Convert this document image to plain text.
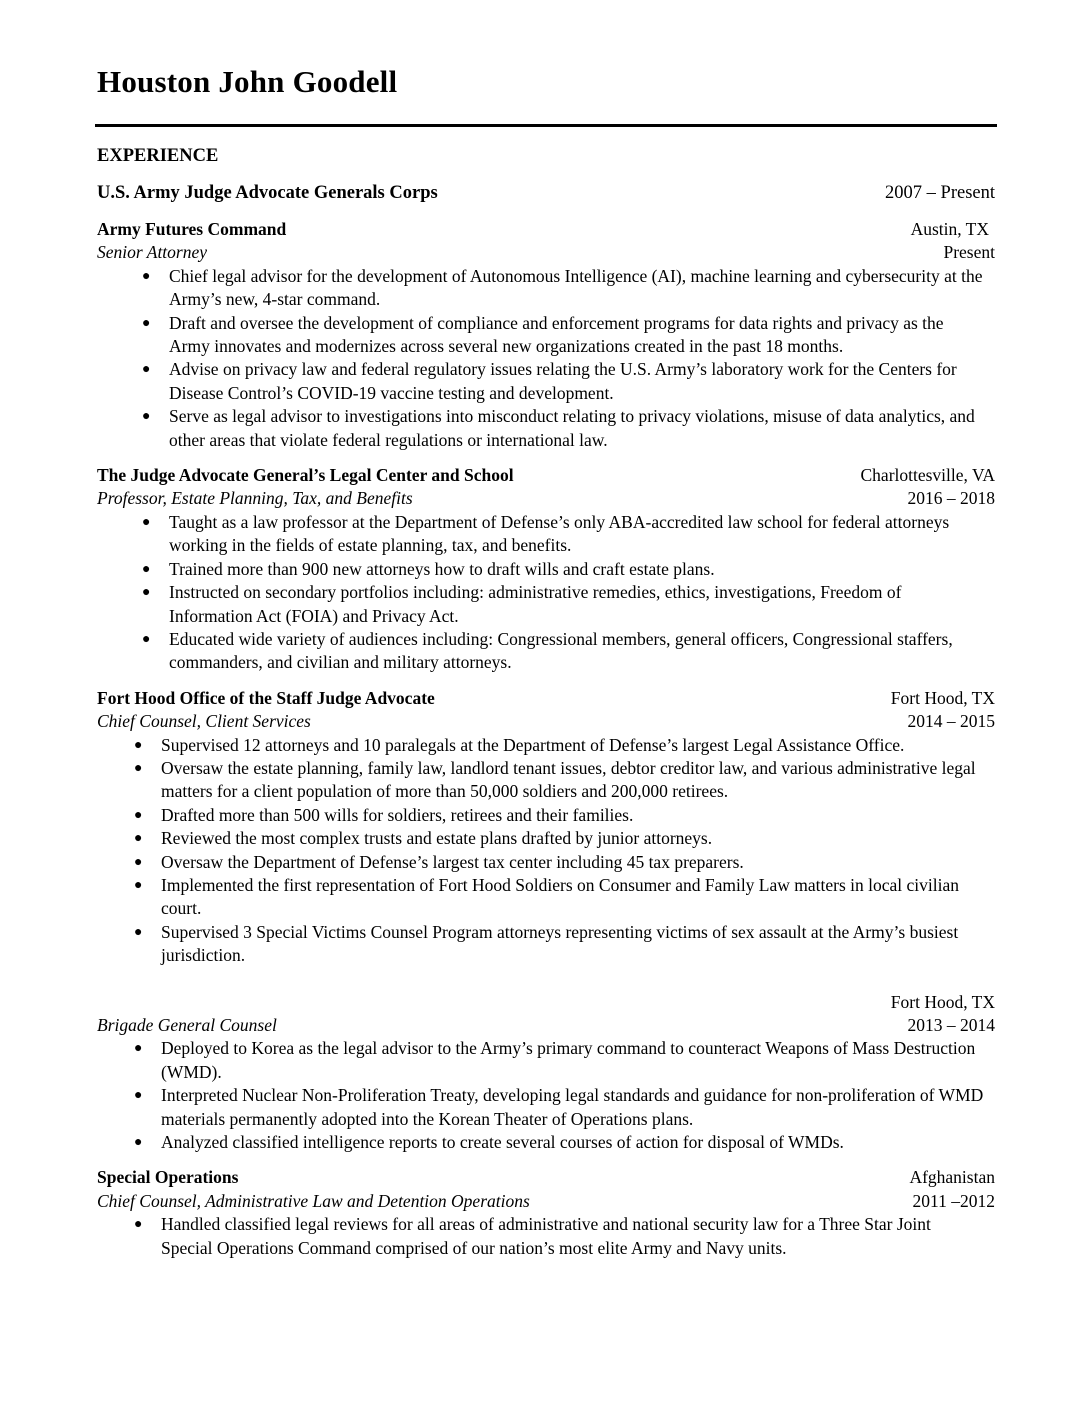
Houston John Goodell
EXPERIENCE
U.S. Army Judge Advocate Generals Corps	2007 – Present
Army Futures Command	Austin, TX
Senior Attorney	Present
● Chief legal advisor for the development of Autonomous Intelligence (AI), machine learning and cybersecurity at the Army’s new, 4-star command.
● Draft and oversee the development of compliance and enforcement programs for data rights and privacy as the Army innovates and modernizes across several new organizations created in the past 18 months.
● Advise on privacy law and federal regulatory issues relating the U.S. Army’s laboratory work for the Centers for Disease Control’s COVID-19 vaccine testing and development.
● Serve as legal advisor to investigations into misconduct relating to privacy violations, misuse of data analytics, and other areas that violate federal regulations or international law.
The Judge Advocate General’s Legal Center and School	Charlottesville, VA
Professor, Estate Planning, Tax, and Benefits	2016 – 2018
● Taught as a law professor at the Department of Defense’s only ABA-accredited law school for federal attorneys working in the fields of estate planning, tax, and benefits.
● Trained more than 900 new attorneys how to draft wills and craft estate plans.
● Instructed on secondary portfolios including: administrative remedies, ethics, investigations, Freedom of Information Act (FOIA) and Privacy Act.
● Educated wide variety of audiences including: Congressional members, general officers, Congressional staffers, commanders, and civilian and military attorneys.
Fort Hood Office of the Staff Judge Advocate	Fort Hood, TX
Chief Counsel, Client Services	2014 – 2015
● Supervised 12 attorneys and 10 paralegals at the Department of Defense’s largest Legal Assistance Office.
● Oversaw the estate planning, family law, landlord tenant issues, debtor creditor law, and various administrative legal matters for a client population of more than 50,000 soldiers and 200,000 retirees.
● Drafted more than 500 wills for soldiers, retirees and their families.
● Reviewed the most complex trusts and estate plans drafted by junior attorneys.
● Oversaw the Department of Defense’s largest tax center including 45 tax preparers.
● Implemented the first representation of Fort Hood Soldiers on Consumer and Family Law matters in local civilian court.
● Supervised 3 Special Victims Counsel Program attorneys representing victims of sex assault at the Army’s busiest jurisdiction.
Fort Hood, TX
Brigade General Counsel	2013 – 2014
● Deployed to Korea as the legal advisor to the Army’s primary command to counteract Weapons of Mass Destruction (WMD).
● Interpreted Nuclear Non-Proliferation Treaty, developing legal standards and guidance for non-proliferation of WMD materials permanently adopted into the Korean Theater of Operations plans.
● Analyzed classified intelligence reports to create several courses of action for disposal of WMDs.
Special Operations	Afghanistan
Chief Counsel, Administrative Law and Detention Operations	2011 –2012
● Handled classified legal reviews for all areas of administrative and national security law for a Three Star Joint Special Operations Command comprised of our nation’s most elite Army and Navy units.
